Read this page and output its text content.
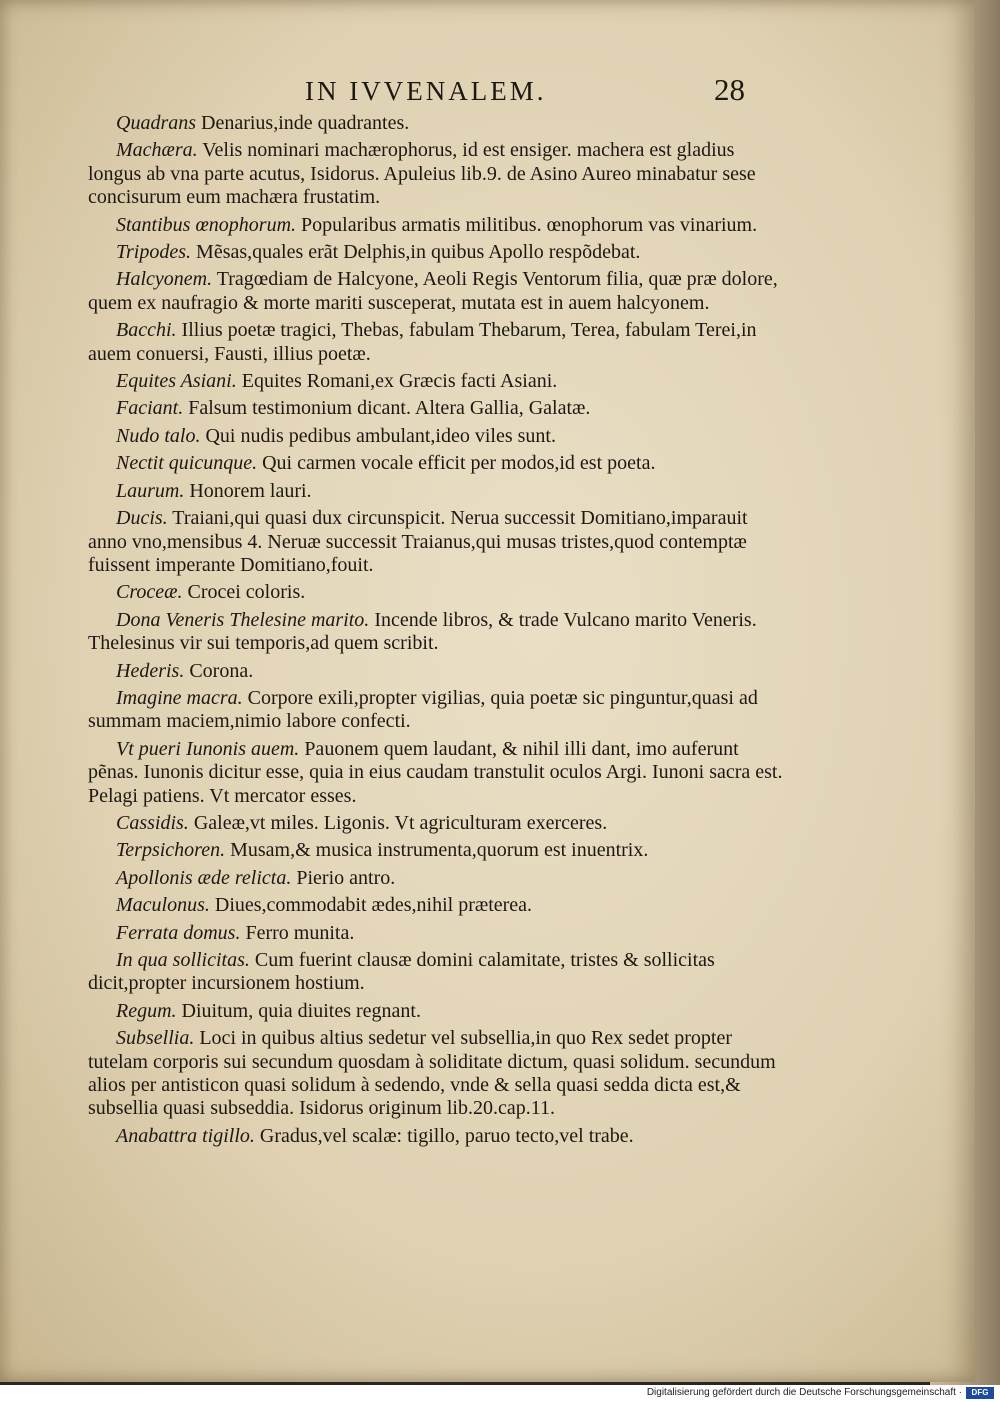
IN IVVENALEM.	28

Quadrans Denarius,inde quadrantes.

Machæra. Velis nominari machærophorus, id est ensiger. machera est gladius longus ab vna parte acutus, Isidorus. Apuleius lib.9. de Asino Aureo minabatur sese concisurum eum machæra frustatim.

Stantibus œnophorum. Popularibus armatis militibus. œnophorum vas vinarium.

Tripodes. Mẽsas,quales erãt Delphis,in quibus Apollo respõdebat.

Halcyonem. Tragœdiam de Halcyone, Aeoli Regis Ventorum filia, quæ præ dolore, quem ex naufragio & morte mariti susceperat, mutata est in auem halcyonem.

Bacchi. Illius poetæ tragici, Thebas, fabulam Thebarum, Terea, fabulam Terei,in auem conuersi, Fausti, illius poetæ.

Equites Asiani. Equites Romani,ex Græcis facti Asiani.

Faciant. Falsum testimonium dicant. Altera Gallia, Galatæ.

Nudo talo. Qui nudis pedibus ambulant,ideo viles sunt.

Nectit quicunque. Qui carmen vocale efficit per modos,id est poeta.

Laurum. Honorem lauri.

Ducis. Traiani,qui quasi dux circunspicit. Nerua successit Domitiano,imparauit anno vno,mensibus 4. Neruæ successit Traianus,qui musas tristes,quod contemptæ fuissent imperante Domitiano,fouit.

Croceæ. Crocei coloris.

Dona Veneris Thelesine marito. Incende libros, & trade Vulcano marito Veneris. Thelesinus vir sui temporis,ad quem scribit.

Hederis. Corona.

Imagine macra. Corpore exili,propter vigilias, quia poetæ sic pinguntur,quasi ad summam maciem,nimio labore confecti.

Vt pueri Iunonis auem. Pauonem quem laudant, & nihil illi dant, imo auferunt pẽnas. Iunonis dicitur esse, quia in eius caudam transtulit oculos Argi. Iunoni sacra est. Pelagi patiens. Vt mercator esses.

Cassidis. Galeæ,vt miles. Ligonis. Vt agriculturam exerceres.

Terpsichoren. Musam,& musica instrumenta,quorum est inuentrix.

Apollonis æde relicta. Pierio antro.

Maculonus. Diues,commodabit ædes,nihil præterea.

Ferrata domus. Ferro munita.

In qua sollicitas. Cum fuerint clausæ domini calamitate, tristes & sollicitas dicit,propter incursionem hostium.

Regum. Diuitum, quia diuites regnant.

Subsellia. Loci in quibus altius sedetur vel subsellia,in quo Rex sedet propter tutelam corporis sui secundum quosdam à soliditate dictum, quasi solidum. secundum alios per antisticon quasi solidum à sedendo, vnde & sella quasi sedda dicta est,& subsellia quasi subseddia. Isidorus originum lib.20.cap.11.

Anabattra tigillo. Gradus,vel scalæ: tigillo, paruo tecto,vel trabe.

Digitalisierung gefördert durch die Deutsche Forschungsgemeinschaft ·	DFG
